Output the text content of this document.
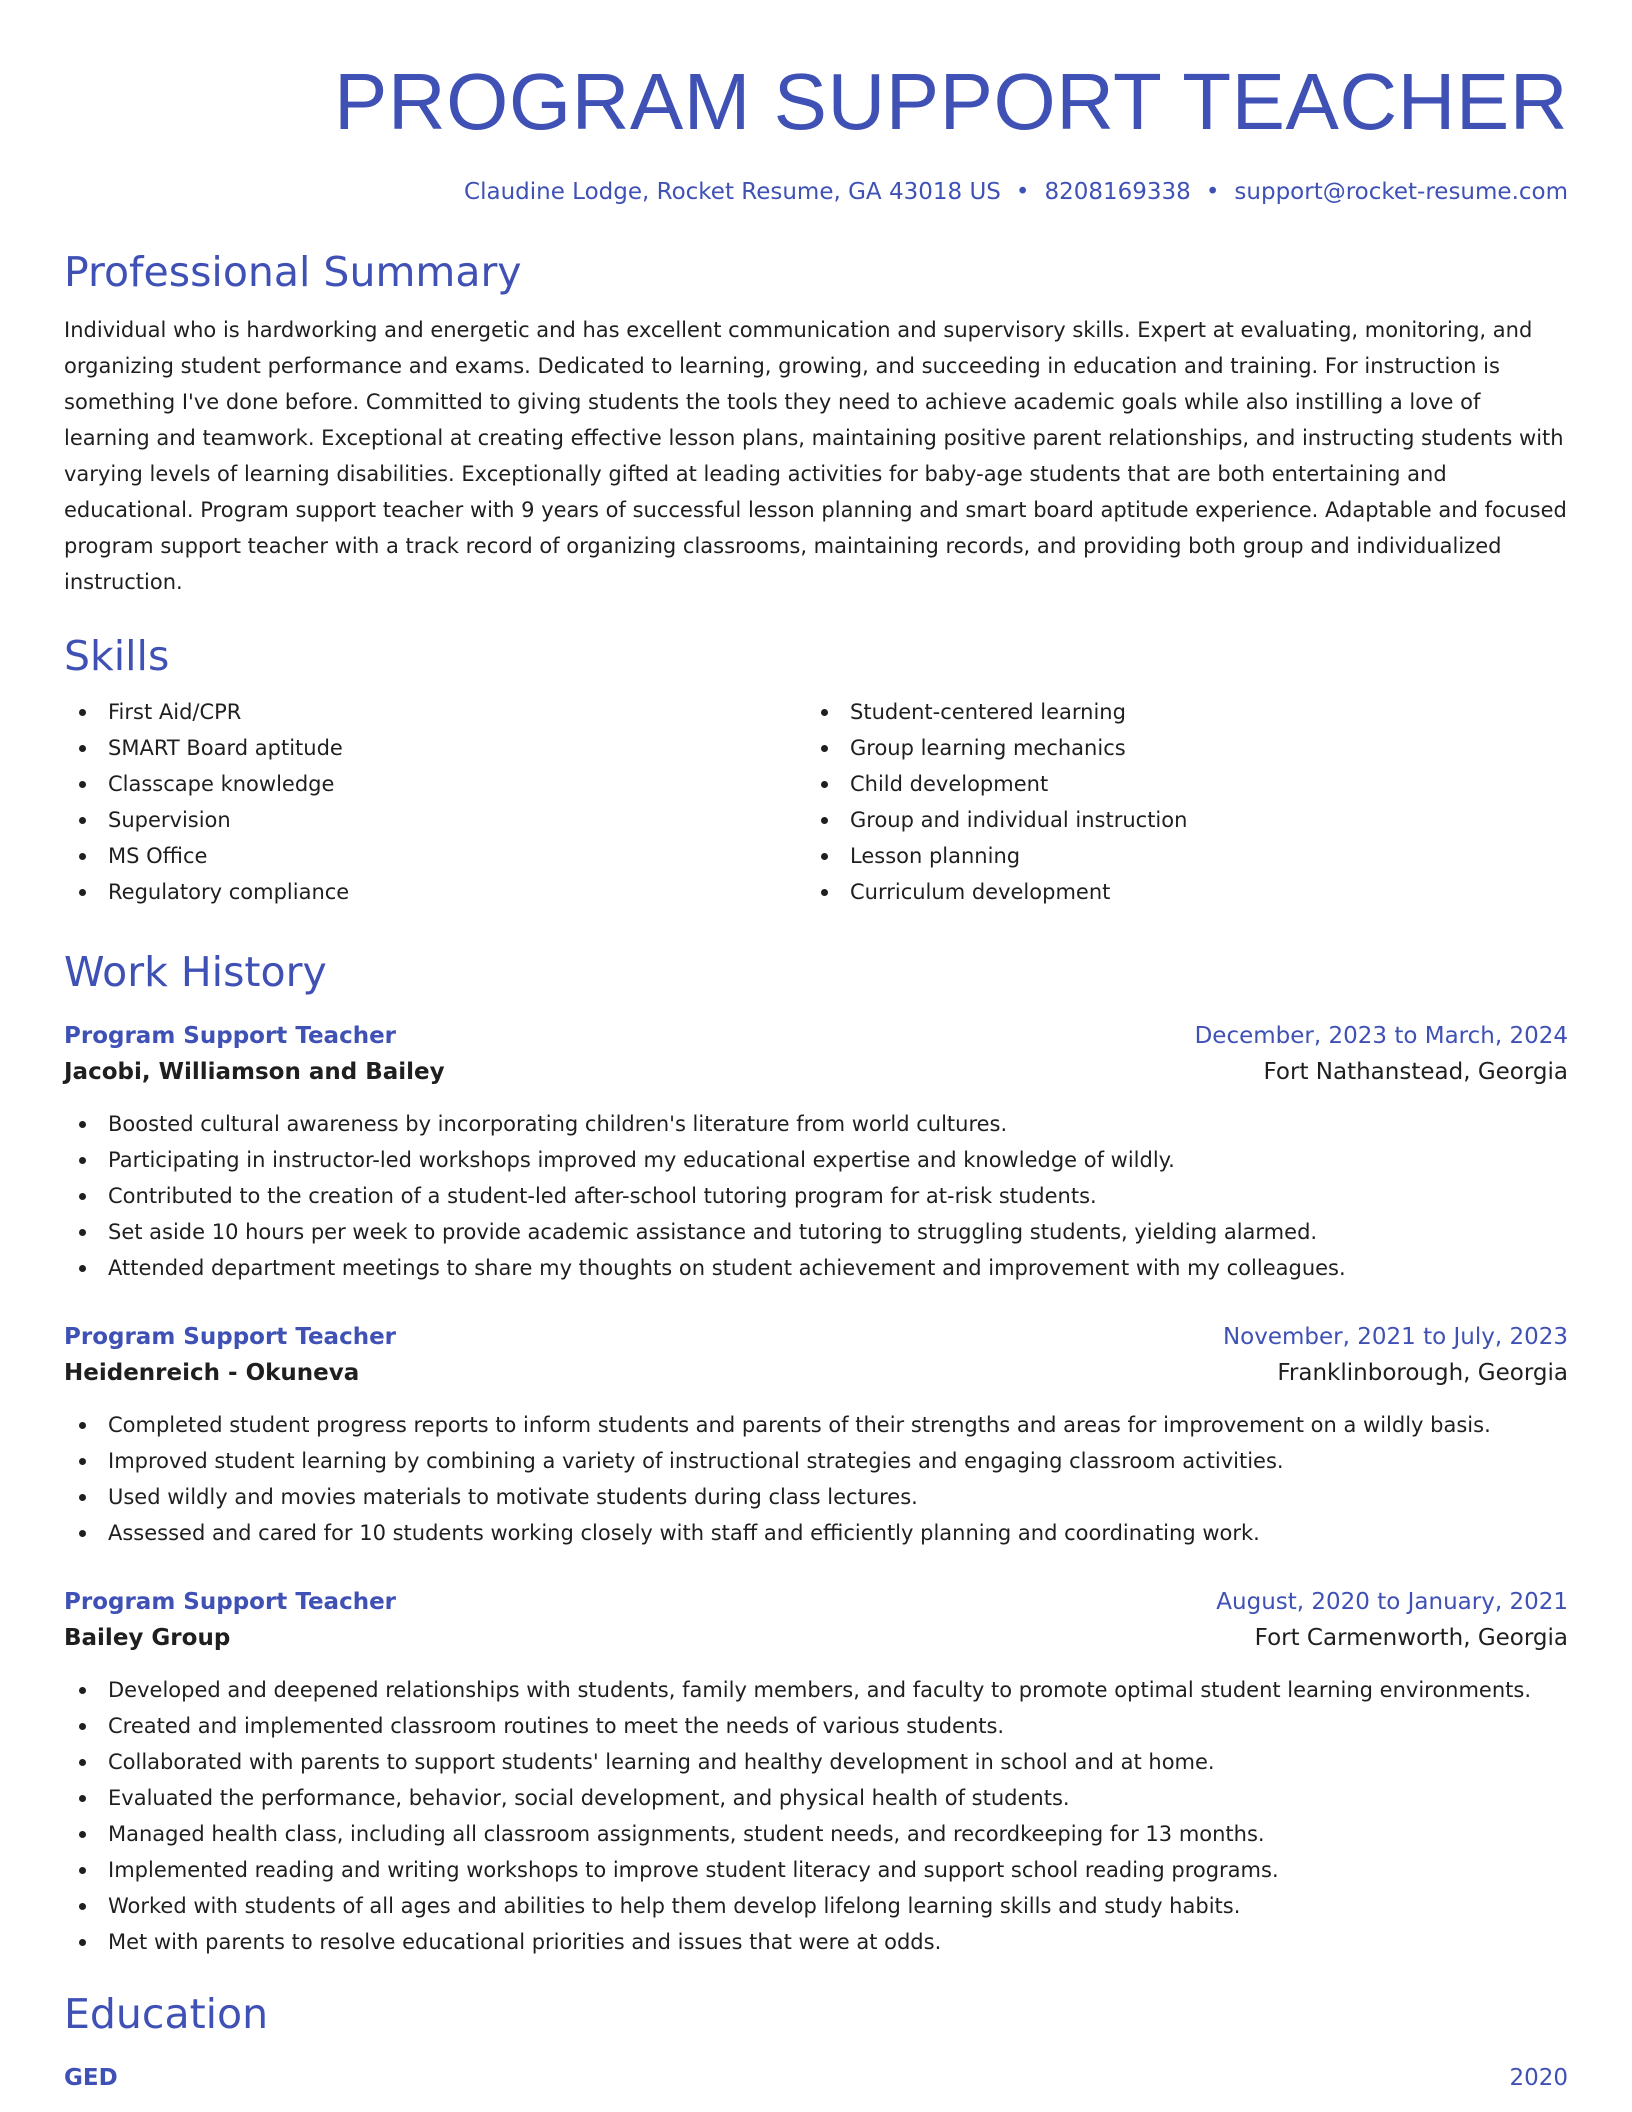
PROGRAM SUPPORT TEACHER
Claudine Lodge, Rocket Resume, GA 43018 US • 8208169338 • support@rocket-resume.com
Professional Summary

Individual who is hardworking and energetic and has excellent communication and supervisory skills. Expert at evaluating, monitoring, and organizing student performance and exams. Dedicated to learning, growing, and succeeding in education and training. For instruction is something I've done before. Committed to giving students the tools they need to achieve academic goals while also instilling a love of learning and teamwork. Exceptional at creating effective lesson plans, maintaining positive parent relationships, and instructing students with varying levels of learning disabilities. Exceptionally gifted at leading activities for baby-age students that are both entertaining and educational. Program support teacher with 9 years of successful lesson planning and smart board aptitude experience. Adaptable and focused program support teacher with a track record of organizing classrooms, maintaining records, and providing both group and individualized instruction.

Skills
First Aid/CPR
SMART Board aptitude
Classcape knowledge
Supervision
MS Office
Regulatory compliance
Student-centered learning
Group learning mechanics
Child development
Group and individual instruction
Lesson planning
Curriculum development
Work History
Program Support Teacher	December, 2023 to March, 2024
Jacobi, Williamson and Bailey	Fort Nathanstead, Georgia
Boosted cultural awareness by incorporating children's literature from world cultures.
Participating in instructor-led workshops improved my educational expertise and knowledge of wildly.
Contributed to the creation of a student-led after-school tutoring program for at-risk students.
Set aside 10 hours per week to provide academic assistance and tutoring to struggling students, yielding alarmed.
Attended department meetings to share my thoughts on student achievement and improvement with my colleagues.
Program Support Teacher	November, 2021 to July, 2023
Heidenreich - Okuneva	Franklinborough, Georgia
Completed student progress reports to inform students and parents of their strengths and areas for improvement on a wildly basis.
Improved student learning by combining a variety of instructional strategies and engaging classroom activities.
Used wildly and movies materials to motivate students during class lectures.
Assessed and cared for 10 students working closely with staff and efficiently planning and coordinating work.
Program Support Teacher	August, 2020 to January, 2021
Bailey Group	Fort Carmenworth, Georgia
Developed and deepened relationships with students, family members, and faculty to promote optimal student learning environments.
Created and implemented classroom routines to meet the needs of various students.
Collaborated with parents to support students' learning and healthy development in school and at home.
Evaluated the performance, behavior, social development, and physical health of students.
Managed health class, including all classroom assignments, student needs, and recordkeeping for 13 months.
Implemented reading and writing workshops to improve student literacy and support school reading programs.
Worked with students of all ages and abilities to help them develop lifelong learning skills and study habits.
Met with parents to resolve educational priorities and issues that were at odds.
Education
GED	2020
